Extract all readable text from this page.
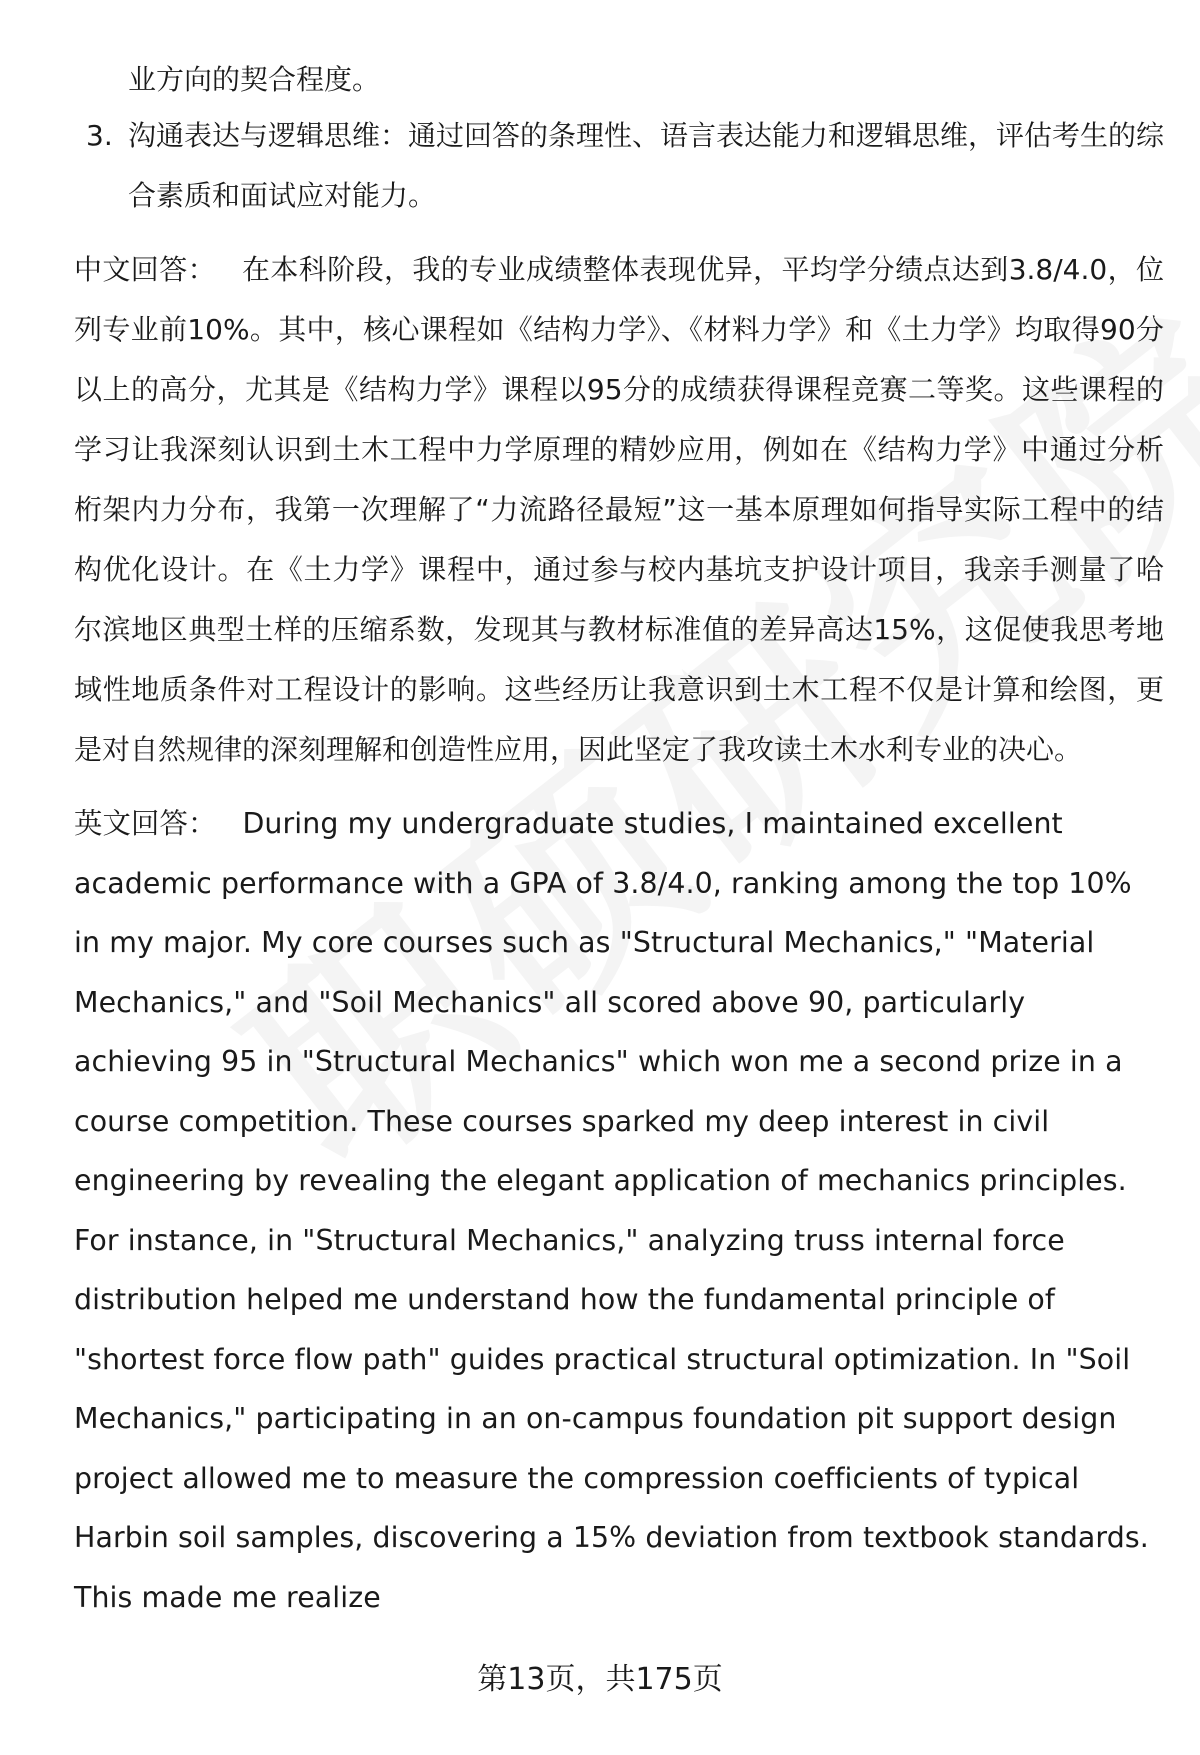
业方向的契合程度。
3. 沟通表达与逻辑思维：通过回答的条理性、语言表达能力和逻辑思维，评估考生的综合素质和面试应对能力。
中文回答： 在本科阶段，我的专业成绩整体表现优异，平均学分绩点达到3.8/4.0，位列专业前10%。其中，核心课程如《结构力学》、《材料力学》和《土力学》均取得90分以上的高分，尤其是《结构力学》课程以95分的成绩获得课程竞赛二等奖。这些课程的学习让我深刻认识到土木工程中力学原理的精妙应用，例如在《结构力学》中通过分析桁架内力分布，我第一次理解了“力流路径最短”这一基本原理如何指导实际工程中的结构优化设计。在《土力学》课程中，通过参与校内基坑支护设计项目，我亲手测量了哈尔滨地区典型土样的压缩系数，发现其与教材标准值的差异高达15%，这促使我思考地域性地质条件对工程设计的影响。这些经历让我意识到土木工程不仅是计算和绘图，更是对自然规律的深刻理解和创造性应用，因此坚定了我攻读土木水利专业的决心。
英文回答： During my undergraduate studies, I maintained excellent academic performance with a GPA of 3.8/4.0, ranking among the top 10% in my major. My core courses such as "Structural Mechanics," "Material Mechanics," and "Soil Mechanics" all scored above 90, particularly achieving 95 in "Structural Mechanics" which won me a second prize in a course competition. These courses sparked my deep interest in civil engineering by revealing the elegant application of mechanics principles. For instance, in "Structural Mechanics," analyzing truss internal force distribution helped me understand how the fundamental principle of "shortest force flow path" guides practical structural optimization. In "Soil Mechanics," participating in an on-campus foundation pit support design project allowed me to measure the compression coefficients of typical Harbin soil samples, discovering a 15% deviation from textbook standards. This made me realize
第13页，共175页
